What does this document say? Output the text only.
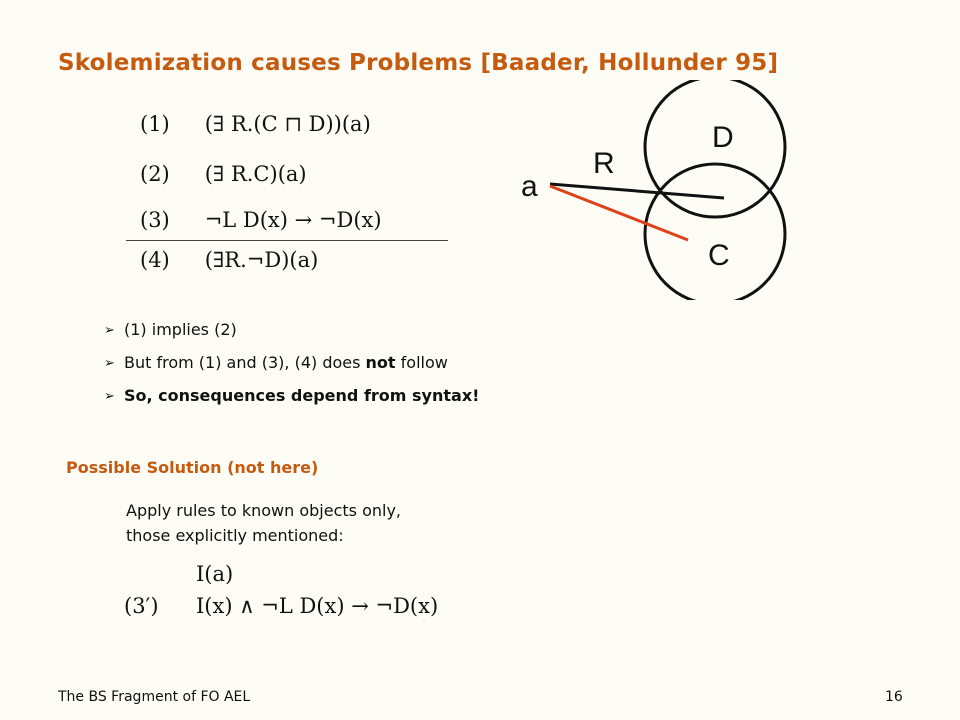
Skolemization causes Problems [Baader, Hollunder 95]
(1) (∃ R.(C ⊓ D))(a)
(2) (∃ R.C)(a)
(3) ¬L D(x) → ¬D(x)
(4) (∃R.¬D)(a)
D
C
R
a
➢ (1) implies (2)
➢ But from (1) and (3), (4) does not follow
➢ So, consequences depend from syntax!
Possible Solution (not here)
Apply rules to known objects only,
those explicitly mentioned:
I(a)
(3′) I(x) ∧ ¬L D(x) → ¬D(x)
The BS Fragment of FO AEL	16
